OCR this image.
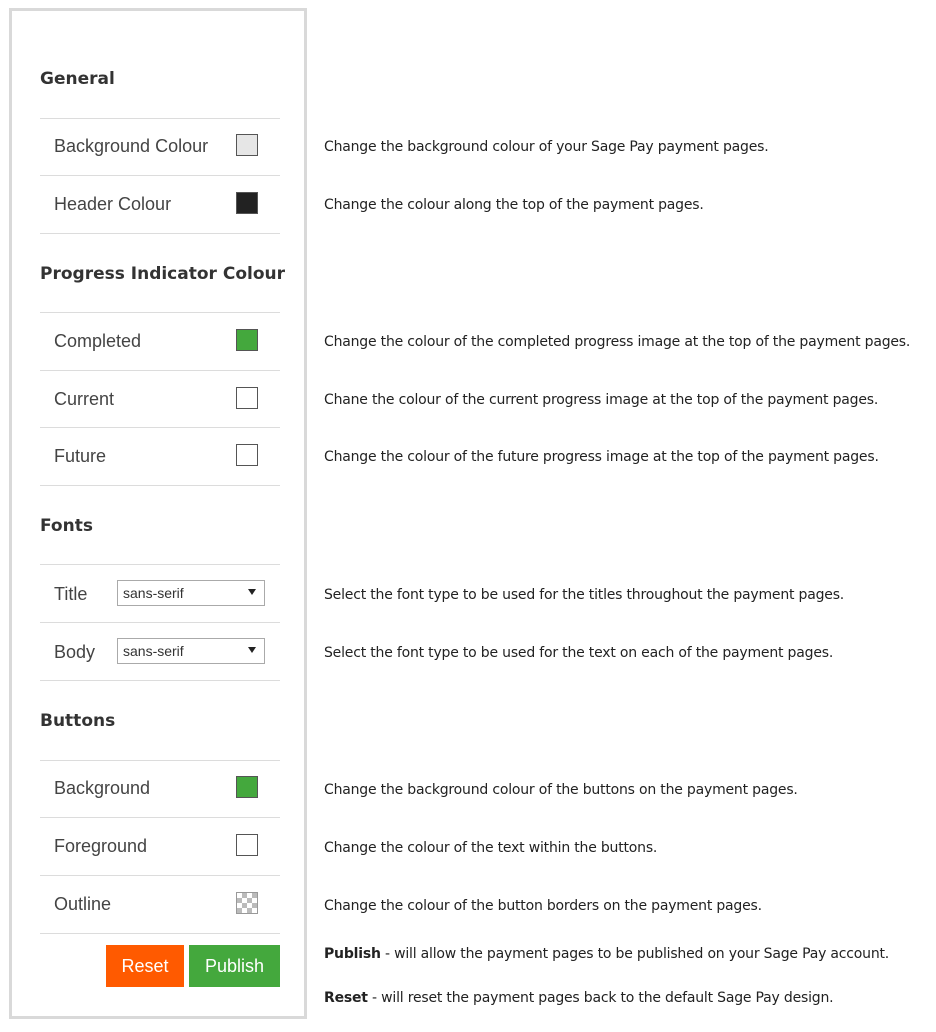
General
Background Colour
Header Colour
Progress Indicator Colour
Completed
Current
Future
Fonts
Title	sans-serif
Body sans-serif
Buttons
Background
Foreground
Outline
Reset	Publish
Change the background colour of your Sage Pay payment pages.
Change the colour along the top of the payment pages.
Change the colour of the completed progress image at the top of the payment pages.
Chane the colour of the current progress image at the top of the payment pages.
Change the colour of the future progress image at the top of the payment pages.
Select the font type to be used for the titles throughout the payment pages.
Select the font type to be used for the text on each of the payment pages.
Change the background colour of the buttons on the payment pages.
Change the colour of the text within the buttons.
Change the colour of the button borders on the payment pages.
Publish - will allow the payment pages to be published on your Sage Pay account.
Reset - will reset the payment pages back to the default Sage Pay design.
